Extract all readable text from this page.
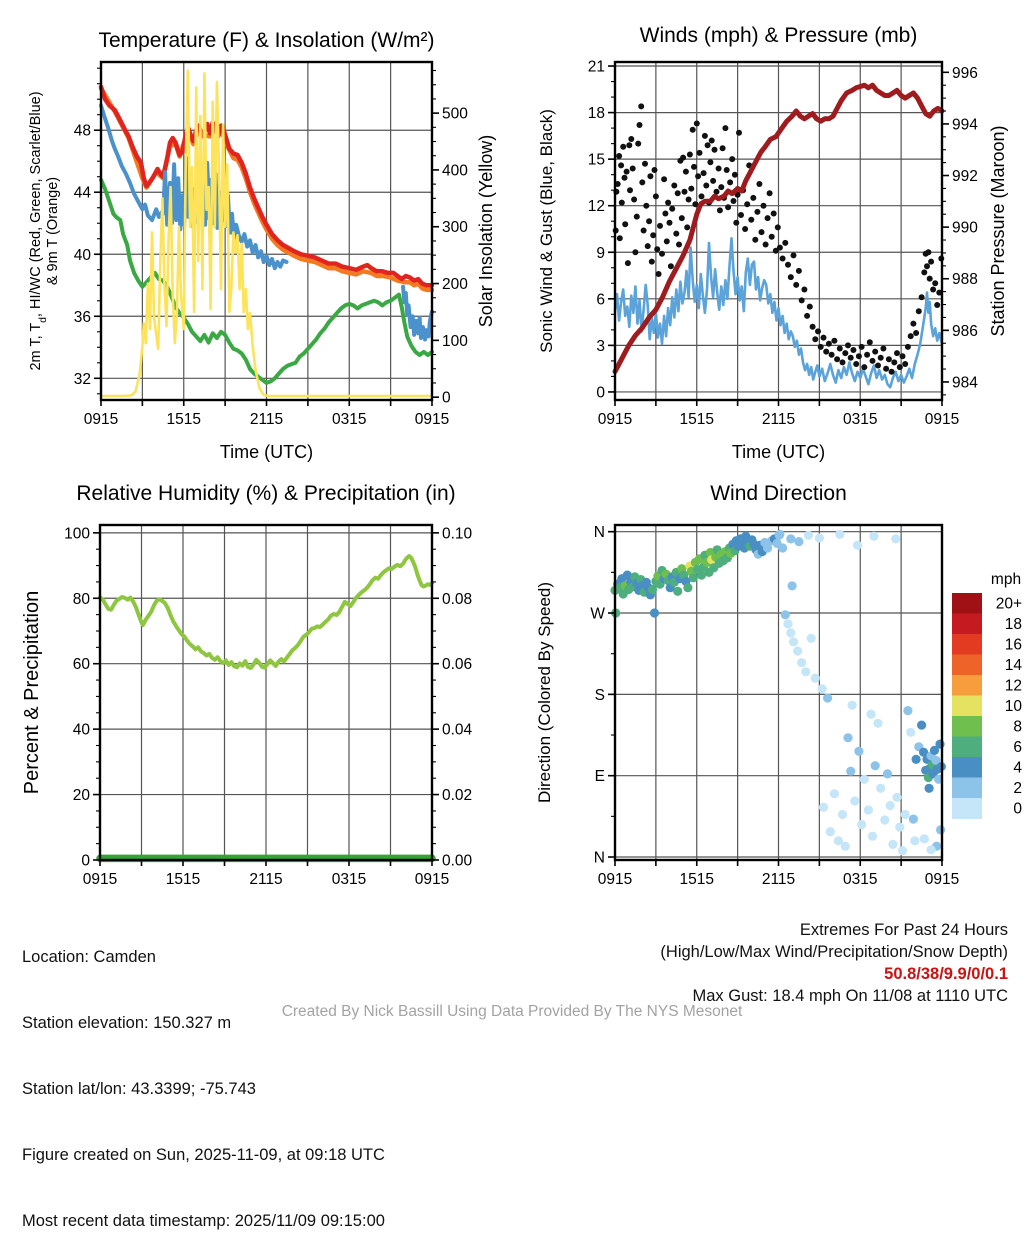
0915	1515	2115	0315	0915
32
36
40
44
48
0
100
200
300
400
500
Temperature (F) & Insolation (W/m²)
Time (UTC)
2m T, $T_d$, HI/WC (Red, Green, Scarlet/Blue) & 9m T (Orange)	Solar Insolation (Yellow)
0915	1515	2115	0315	0915
0
3
6
9
12
15
18
21
984
986
988
990
992
994
996
Winds (mph) & Pressure (mb)
Time (UTC)
Sonic Wind & Gust (Blue, Black)	Station Pressure (Maroon)
0915	1515	2115	0315	0915
0
20
40
60
80
100
0.00
0.02
0.04
0.06
0.08
0.10
Relative Humidity (%) & Precipitation (in)
Percent & Precipitation
0915	1515	2115	0315	0915
N
W
S
E
N
Wind Direction
Direction (Colored By Speed)
mph
20+
18
16
14
12
10
8
6
4
2
0

Location: Camden

Station elevation: 150.327 m

Station lat/lon: 43.3399; -75.743

Figure created on Sun, 2025-11-09, at 09:18 UTC

Most recent data timestamp: 2025/11/09 09:15:00

Extremes For Past 24 Hours
(High/Low/Max Wind/Precipitation/Snow Depth)
50.8/38/9.9/0/0.1
Max Gust: 18.4 mph On 11/08 at 1110 UTC
Created By Nick Bassill Using Data Provided By The NYS Mesonet
